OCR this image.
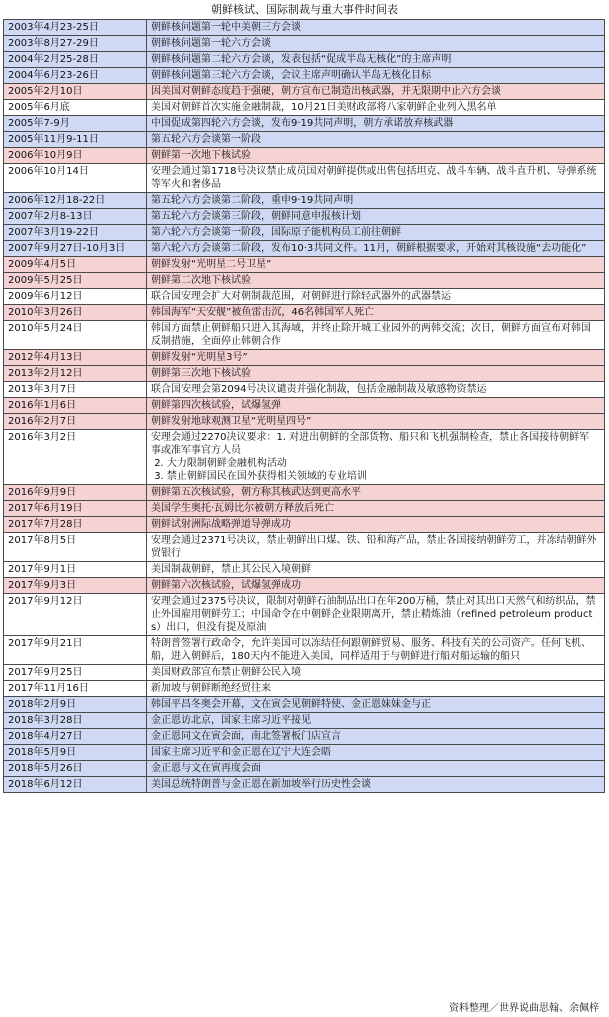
朝鲜核试、国际制裁与重大事件时间表
2003年4月23-25日	朝鲜核问题第一轮中美朝三方会谈
2003年8月27-29日	朝鲜核问题第一轮六方会谈
2004年2月25-28日	朝鲜核问题第二轮六方会谈，发表包括“促成半岛无核化”的主席声明
2004年6月23-26日	朝鲜核问题第三轮六方会谈，会议主席声明确认半岛无核化目标
2005年2月10日	因美国对朝鲜态度趋于强硬，朝方宣布已制造出核武器，并无限期中止六方会谈
2005年6月底	美国对朝鲜首次实施金融制裁，10月21日美财政部将八家朝鲜企业列入黑名单
2005年7-9月	中国促成第四轮六方会谈，发布9·19共同声明，朝方承诺放弃核武器
2005年11月9-11日	第五轮六方会谈第一阶段
2006年10月9日	朝鲜第一次地下核试验
2006年10月14日	安理会通过第1718号决议禁止成员国对朝鲜提供或出售包括坦克、战斗车辆、战斗直升机、导弹系统等军火和奢侈品
2006年12月18-22日	第五轮六方会谈第二阶段，重申9·19共同声明
2007年2月8-13日	第五轮六方会谈第三阶段，朝鲜同意申报核计划
2007年3月19-22日	第六轮六方会谈第一阶段，国际原子能机构员工前往朝鲜
2007年9月27日-10月3日	第六轮六方会谈第二阶段，发布10·3共同文件。11月，朝鲜根据要求，开始对其核设施“去功能化”
2009年4月5日	朝鲜发射“光明星二号卫星”
2009年5月25日	朝鲜第二次地下核试验
2009年6月12日	联合国安理会扩大对朝制裁范围，对朝鲜进行除轻武器外的武器禁运
2010年3月26日	韩国海军“天安舰”被鱼雷击沉，46名韩国军人死亡
2010年5月24日	韩国方面禁止朝鲜船只进入其海域，并终止除开城工业园外的两韩交流；次日，朝鲜方面宣布对韩国反制措施，全面停止韩朝合作
2012年4月13日	朝鲜发射“光明星3号”
2013年2月12日	朝鲜第三次地下核试验
2013年3月7日	联合国安理会第2094号决议谴责并强化制裁，包括金融制裁及敏感物资禁运
2016年1月6日	朝鲜第四次核试验，试爆氢弹
2016年2月7日	朝鲜发射地球观测卫星“光明星四号”
2016年3月2日	安理会通过2270决议要求：1. 对进出朝鲜的全部货物、船只和飞机强制检查，禁止各国接待朝鲜军事或准军事官方人员
2. 大力限制朝鲜金融机构活动
3. 禁止朝鲜国民在国外获得相关领域的专业培训
2016年9月9日	朝鲜第五次核试验，朝方称其核武达到更高水平
2017年6月19日	美国学生奥托·瓦姆比尔被朝方释放后死亡
2017年7月28日	朝鲜试射洲际战略弹道导弹成功
2017年8月5日	安理会通过2371号决议，禁止朝鲜出口煤、铁、铅和海产品，禁止各国接纳朝鲜劳工，并冻结朝鲜外贸银行
2017年9月1日	美国制裁朝鲜，禁止其公民入境朝鲜
2017年9月3日	朝鲜第六次核试验，试爆氢弹成功
2017年9月12日	安理会通过2375号决议，限制对朝鲜石油制品出口在年200万桶，禁止对其出口天然气和纺织品，禁止外国雇用朝鲜劳工；中国命令在中朝鲜企业限期离开，禁止精炼油（refined petroleum products）出口，但没有提及原油
2017年9月21日	特朗普签署行政命令，允许美国可以冻结任何跟朝鲜贸易、服务、科技有关的公司资产。任何飞机、船，进入朝鲜后，180天内不能进入美国，同样适用于与朝鲜进行船对船运输的船只
2017年9月25日	美国财政部宣布禁止朝鲜公民入境
2017年11月16日	新加坡与朝鲜断绝经贸往来
2018年2月9日	韩国平昌冬奥会开幕，文在寅会见朝鲜特使、金正恩妹妹金与正
2018年3月28日	金正恩访北京，国家主席习近平接见
2018年4月27日	金正恩同文在寅会面，南北签署板门店宣言
2018年5月9日	国家主席习近平和金正恩在辽宁大连会晤
2018年5月26日	金正恩与文在寅再度会面
2018年6月12日	美国总统特朗普与金正恩在新加坡举行历史性会谈
资料整理／世界说曲思翰、余佩梓
